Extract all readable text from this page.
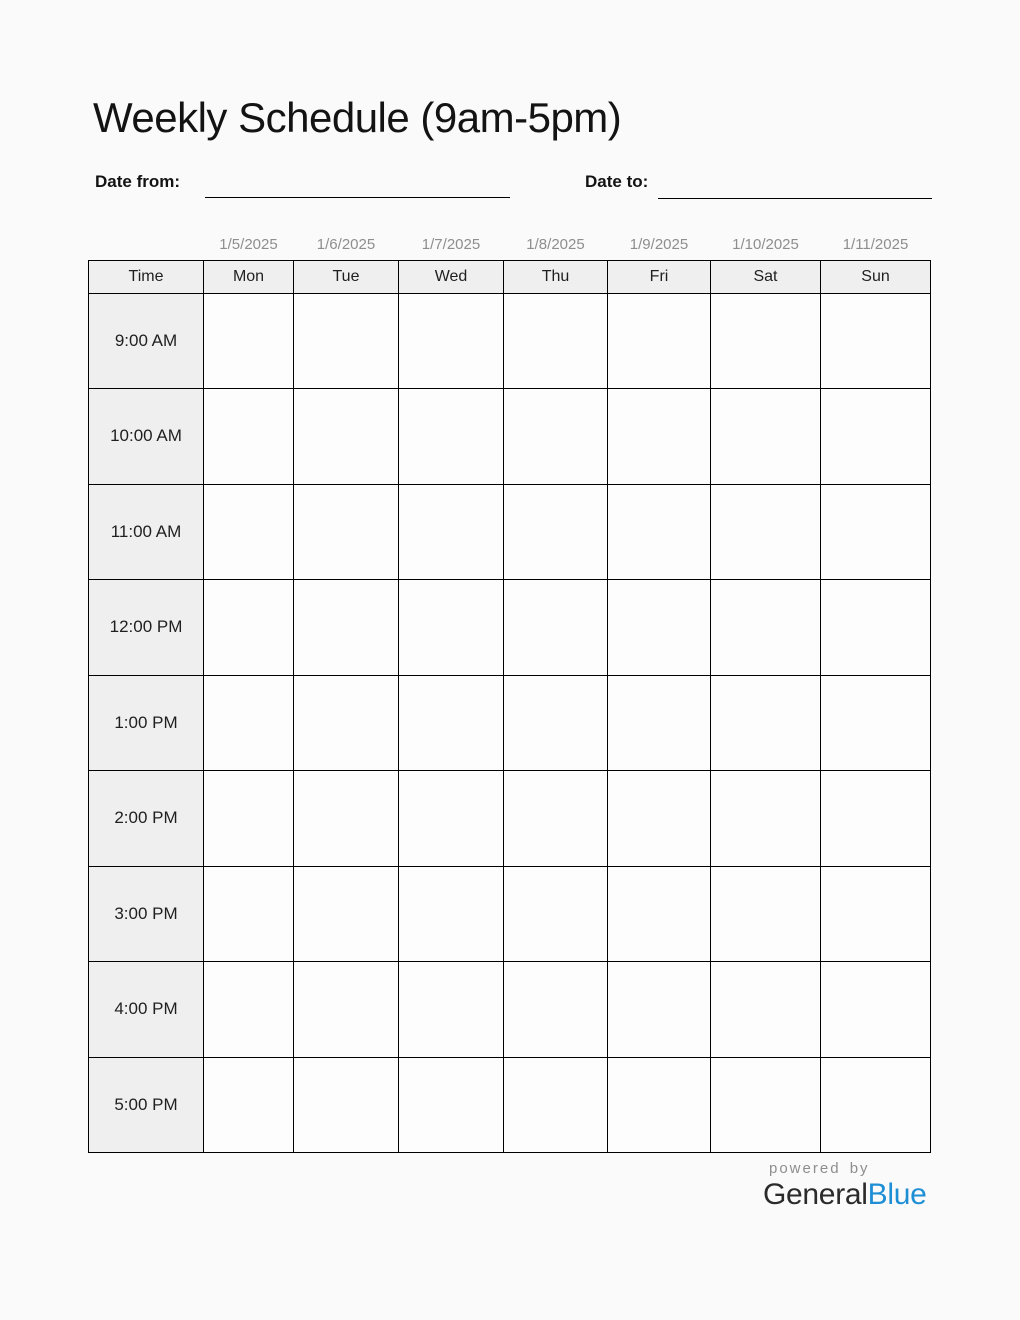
Weekly Schedule (9am-5pm)
Date from:	Date to:
	1/5/2025	1/6/2025	1/7/2025	1/8/2025	1/9/2025	1/10/2025	1/11/2025
Time	Mon	Tue	Wed	Thu	Fri	Sat	Sun
9:00 AM							
10:00 AM							
11:00 AM							
12:00 PM							
1:00 PM							
2:00 PM							
3:00 PM							
4:00 PM							
5:00 PM							
powered by
GeneralBlue
